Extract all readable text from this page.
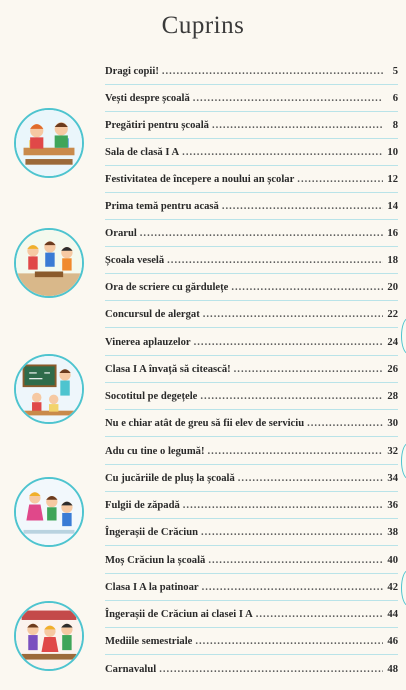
Cuprins
Dragi copii! .....	5
Vești despre școală .....	6
Pregătiri pentru școală .....	8
Sala de clasă I A .....	10
Festivitatea de începere a noului an școlar .....	12
Prima temă pentru acasă .....	14
Orarul .....	16
Școala veselă .....	18
Ora de scriere cu gărdulețe .....	20
Concursul de alergat .....	22
Vinerea aplauzelor .....	24
Clasa I A învață să citească! .....	26
Socotitul pe degețele .....	28
Nu e chiar atât de greu să fii elev de serviciu .....	30
Adu cu tine o legumă! .....	32
Cu jucăriile de pluș la școală .....	34
Fulgii de zăpadă .....	36
Îngerașii de Crăciun .....	38
Moș Crăciun la școală .....	40
Clasa I A la patinoar .....	42
Îngerașii de Crăciun ai clasei I A .....	44
Mediile semestriale .....	46
Carnavalul .....	48
